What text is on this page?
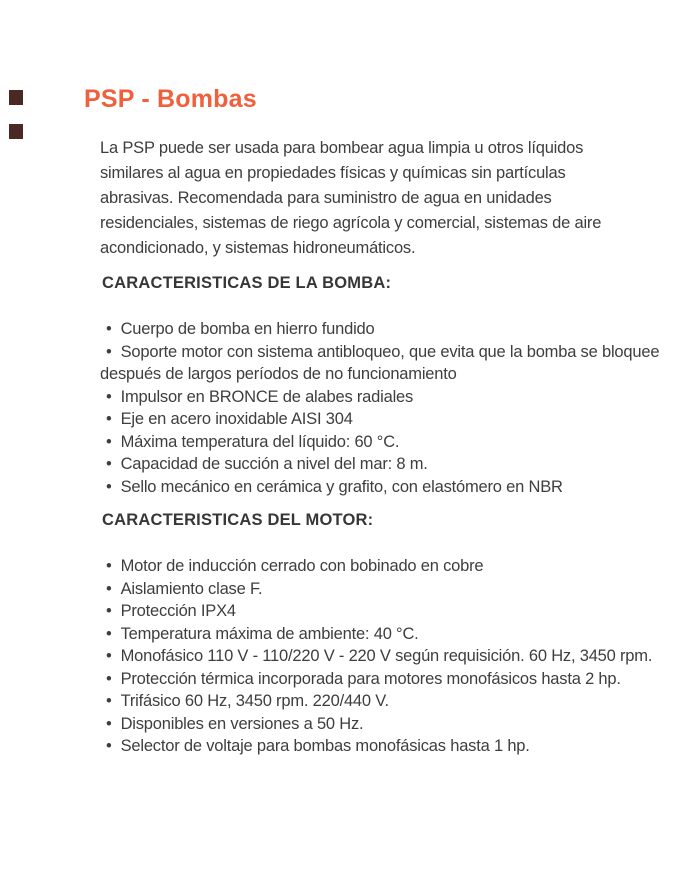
PSP - Bombas

La PSP puede ser usada para bombear agua limpia u otros líquidos similares al agua en propiedades físicas y químicas sin partículas abrasivas. Recomendada para suministro de agua en unidades residenciales, sistemas de riego agrícola y comercial, sistemas de aire acondicionado, y sistemas hidroneumáticos.

CARACTERISTICAS DE LA BOMBA:
• Cuerpo de bomba en hierro fundido
• Soporte motor con sistema antibloqueo, que evita que la bomba se bloquee después de largos períodos de no funcionamiento
• Impulsor en BRONCE de alabes radiales
• Eje en acero inoxidable AISI 304
• Máxima temperatura del líquido: 60 °C.
• Capacidad de succión a nivel del mar: 8 m.
• Sello mecánico en cerámica y grafito, con elastómero en NBR
CARACTERISTICAS DEL MOTOR:
• Motor de inducción cerrado con bobinado en cobre
• Aislamiento clase F.
• Protección IPX4
• Temperatura máxima de ambiente: 40 °C.
• Monofásico 110 V - 110/220 V - 220 V según requisición. 60 Hz, 3450 rpm.
• Protección térmica incorporada para motores monofásicos hasta 2 hp.
• Trifásico 60 Hz, 3450 rpm. 220/440 V.
• Disponibles en versiones a 50 Hz.
• Selector de voltaje para bombas monofásicas hasta 1 hp.
